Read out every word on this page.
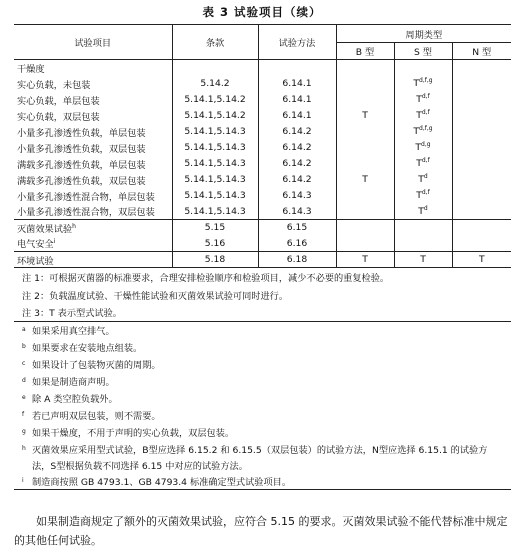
表 3 试验项目（续）
试验项目	条款	试验方法	周期类型		
			B 型	S 型	N 型
干燥度					
实心负载，未包装	5.14.2	6.14.1		T$^{d,f,g}$	
实心负载，单层包装	5.14.1,5.14.2	6.14.1		T$^{d,f}$	
实心负载，双层包装	5.14.1,5.14.2	6.14.1	T	T$^{d,f}$	
小量多孔渗透性负载，单层包装	5.14.1,5.14.3	6.14.2		T$^{d,f,g}$	
小量多孔渗透性负载，双层包装	5.14.1,5.14.3	6.14.2		T$^{d,g}$	
满载多孔渗透性负载，单层包装	5.14.1,5.14.3	6.14.2		T$^{d,f}$	
满载多孔渗透性负载，双层包装	5.14.1,5.14.3	6.14.2	T	$T^d$	
小量多孔渗透性混合物，单层包装	5.14.1,5.14.3	6.14.3		T$^{d,f}$	
小量多孔渗透性混合物，双层包装	5.14.1,5.14.3	6.14.3		$T^d$	
灭菌效果试验$^h$	5.15	6.15			
电气安全$^i$	5.16	6.16			
环境试验	5.18	6.18	T	T	T
注 1：可根据灭菌器的标准要求，合理安排检验顺序和检验项目，减少不必要的重复检验。					
注 2：负载温度试验、干燥性能试验和灭菌效果试验可同时进行。					
注 3：T 表示型式试验。					
a 如果采用真空排气。					
b 如果要求在安装地点组装。					
c 如果设计了包装物灭菌的周期。					
d 如果是制造商声明。					
e 除 A 类空腔负载外。					
f 若已声明双层包装，则不需要。					
g 如果干燥度，不用于声明的实心负载，双层包装。					
h 灭菌效果应采用型式试验，B型应选择 6.15.2 和 6.15.5（双层包装）的试验方法，N型应选择 6.15.1 的试验方					
法，S型根据负载不同选择 6.15 中对应的试验方法。					
i 制造商按照 GB 4793.1、GB 4793.4 标准确定型式试验项目。					
如果制造商规定了额外的灭菌效果试验，应符合 5.15 的要求。灭菌效果试验不能代替标准中规定的其他任何试验。
